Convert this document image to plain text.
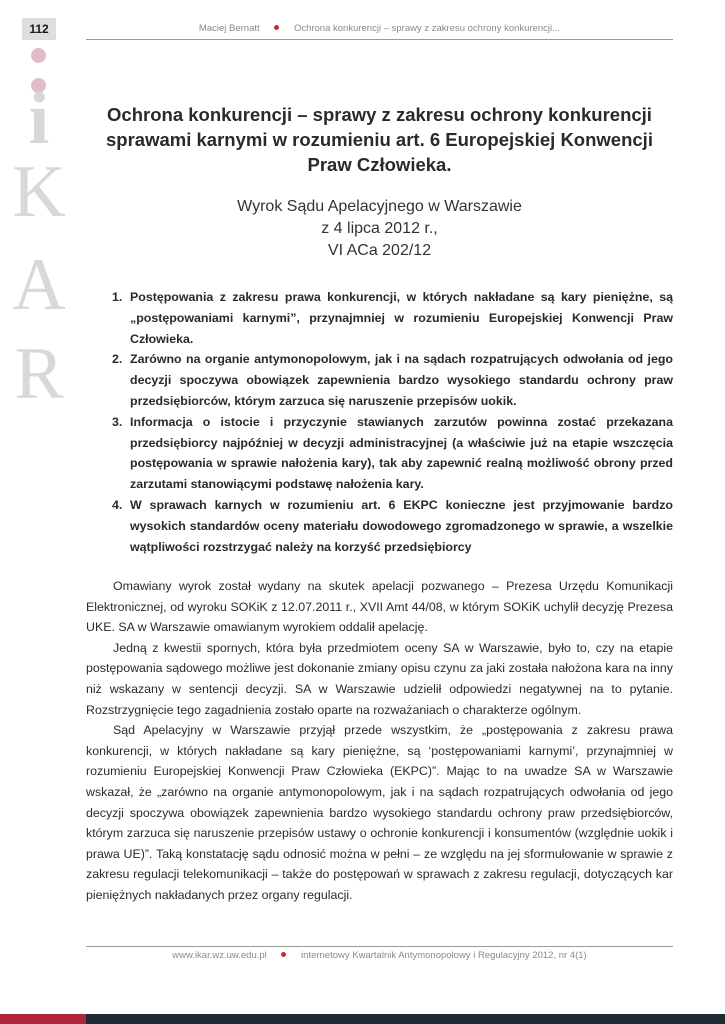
112
i
K
A
R
Maciej Bernatt	Ochrona konkurencji – sprawy z zakresu ochrony konkurencji...
Ochrona konkurencji – sprawy z zakresu ochrony konkurencji sprawami karnymi w rozumieniu art. 6 Europejskiej Konwencji Praw Człowieka.
Wyrok Sądu Apelacyjnego w Warszawie
z 4 lipca 2012 r.,
VI ACa 202/12
1. Postępowania z zakresu prawa konkurencji, w których nakładane są kary pieniężne, są „postępowaniami karnymi”, przynajmniej w rozumieniu Europejskiej Konwencji Praw Człowieka.
2. Zarówno na organie antymonopolowym, jak i na sądach rozpatrujących odwołania od jego decyzji spoczywa obowiązek zapewnienia bardzo wysokiego standardu ochrony praw przedsiębiorców, którym zarzuca się naruszenie przepisów uokik.
3. Informacja o istocie i przyczynie stawianych zarzutów powinna zostać przekazana przedsiębiorcy najpóźniej w decyzji administracyjnej (a właściwie już na etapie wszczęcia postępowania w sprawie nałożenia kary), tak aby zapewnić realną możliwość obrony przed zarzutami stanowiącymi podstawę nałożenia kary.
4. W sprawach karnych w rozumieniu art. 6 EKPC konieczne jest przyjmowanie bardzo wysokich standardów oceny materiału dowodowego zgromadzonego w sprawie, a wszelkie wątpliwości rozstrzygać należy na korzyść przedsiębiorcy

Omawiany wyrok został wydany na skutek apelacji pozwanego – Prezesa Urzędu Komunikacji Elektronicznej, od wyroku SOKiK z 12.07.2011 r., XVII Amt 44/08, w którym SOKiK uchylił decyzję Prezesa UKE. SA w Warszawie omawianym wyrokiem oddalił apelację.

Jedną z kwestii spornych, która była przedmiotem oceny SA w Warszawie, było to, czy na etapie postępowania sądowego możliwe jest dokonanie zmiany opisu czynu za jaki została nałożona kara na inny niż wskazany w sentencji decyzji. SA w Warszawie udzielił odpowiedzi negatywnej na to pytanie. Rozstrzygnięcie tego zagadnienia zostało oparte na rozważaniach o charakterze ogólnym.

Sąd Apelacyjny w Warszawie przyjął przede wszystkim, że „postępowania z zakresu prawa konkurencji, w których nakładane są kary pieniężne, są ‘postępowaniami karnymi’, przynajmniej w rozumieniu Europejskiej Konwencji Praw Człowieka (EKPC)”. Mając to na uwadze SA w Warszawie wskazał, że „zarówno na organie antymonopolowym, jak i na sądach rozpatrujących odwołania od jego decyzji spoczywa obowiązek zapewnienia bardzo wysokiego standardu ochrony praw przedsiębiorców, którym zarzuca się naruszenie przepisów ustawy o ochronie konkurencji i konsumentów (względnie uokik i prawa UE)”. Taką konstatację sądu odnosić można w pełni – ze względu na jej sformułowanie w sprawie z zakresu regulacji telekomunikacji – także do postępowań w sprawach z zakresu regulacji, dotyczących kar pieniężnych nakładanych przez organy regulacji.

www.ikar.wz.uw.edu.pl	internetowy Kwartalnik Antymonopolowy i Regulacyjny 2012, nr 4(1)
